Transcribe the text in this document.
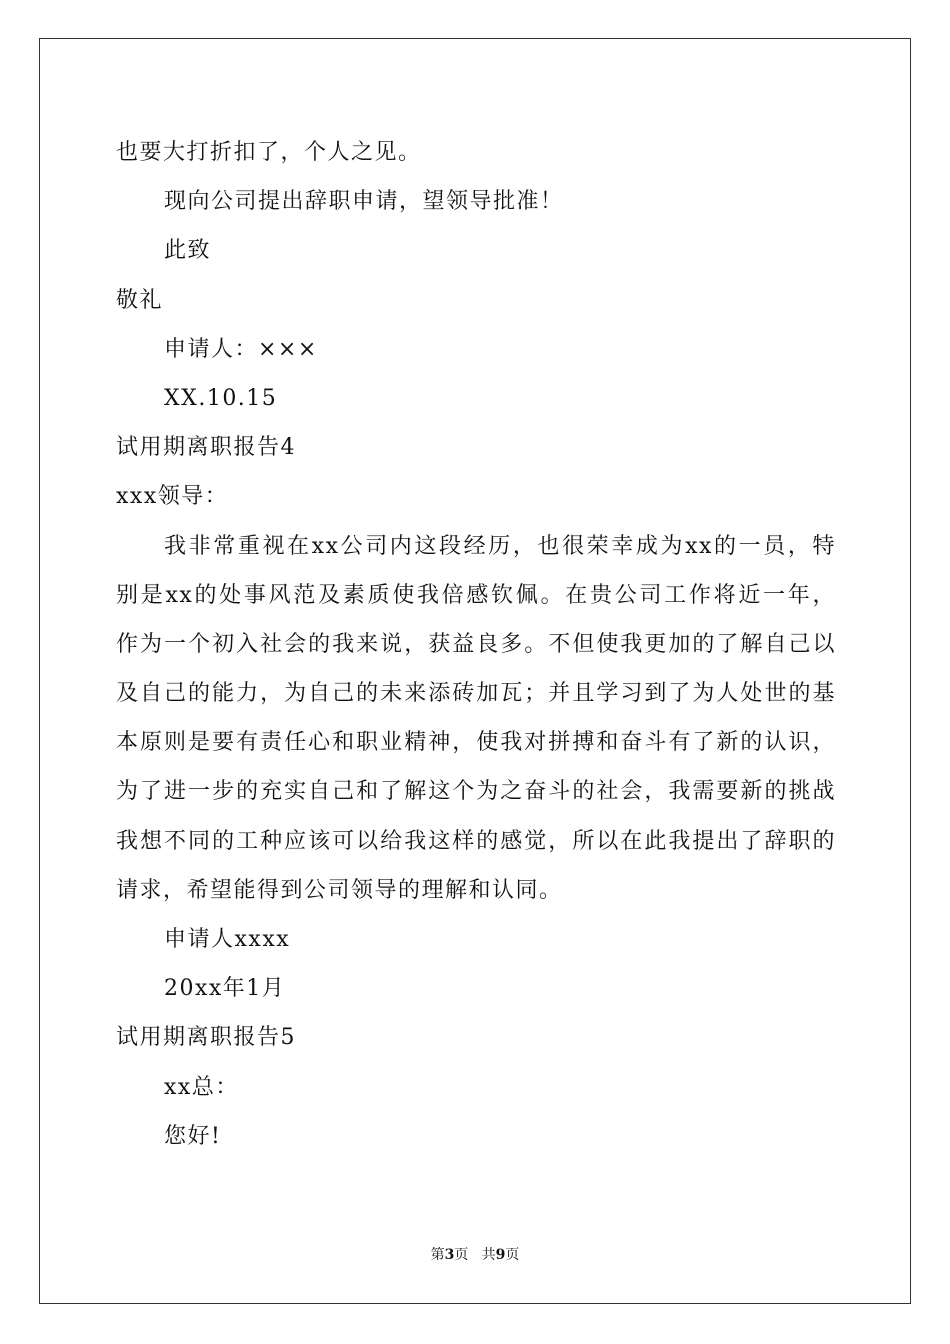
也要大打折扣了，个人之见。
现向公司提出辞职申请，望领导批准！
此致
敬礼
申请人：×××
XX.10.15
试用期离职报告4
xxx领导：
我非常重视在xx公司内这段经历，也很荣幸成为xx的一员，特
别是xx的处事风范及素质使我倍感钦佩。在贵公司工作将近一年，
作为一个初入社会的我来说，获益良多。不但使我更加的了解自己以
及自己的能力，为自己的未来添砖加瓦；并且学习到了为人处世的基
本原则是要有责任心和职业精神，使我对拼搏和奋斗有了新的认识，
为了进一步的充实自己和了解这个为之奋斗的社会，我需要新的挑战
我想不同的工种应该可以给我这样的感觉，所以在此我提出了辞职的
请求，希望能得到公司领导的理解和认同。
申请人xxxx
20xx年1月
试用期离职报告5
xx总：
您好!
第3页 共9页
